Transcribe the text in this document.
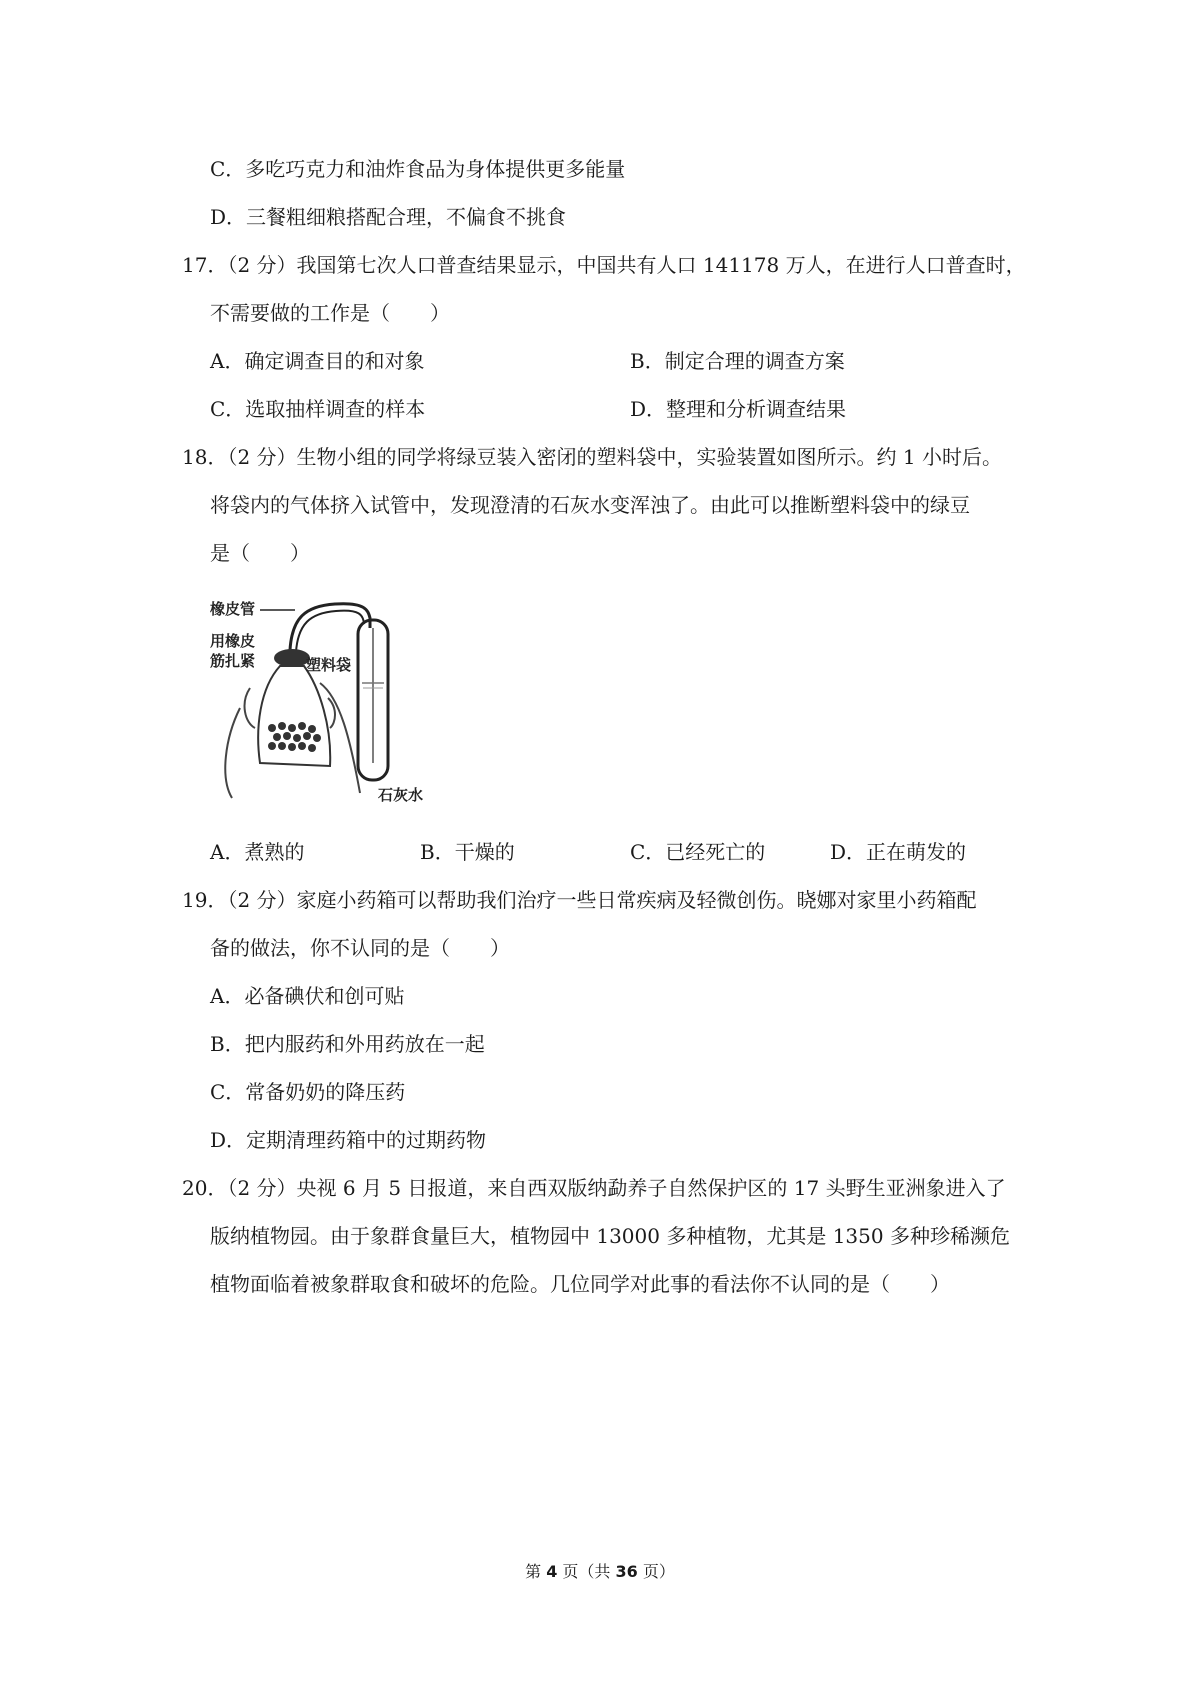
C．多吃巧克力和油炸食品为身体提供更多能量
D．三餐粗细粮搭配合理，不偏食不挑食
17．（2 分）我国第七次人口普查结果显示，中国共有人口 141178 万人，在进行人口普查时，
不需要做的工作是（　　）
A．确定调查目的和对象	B．制定合理的调查方案
C．选取抽样调查的样本	D．整理和分析调查结果
18．（2 分）生物小组的同学将绿豆装入密闭的塑料袋中，实验装置如图所示。约 1 小时后。
将袋内的气体挤入试管中，发现澄清的石灰水变浑浊了。由此可以推断塑料袋中的绿豆
是（　　）
橡皮管
用橡皮
筋扎紧	塑料袋
石灰水
A．煮熟的	B．干燥的	C．已经死亡的	D．正在萌发的
19．（2 分）家庭小药箱可以帮助我们治疗一些日常疾病及轻微创伤。晓娜对家里小药箱配
备的做法，你不认同的是（　　）
A．必备碘伏和创可贴
B．把内服药和外用药放在一起
C．常备奶奶的降压药
D．定期清理药箱中的过期药物
20．（2 分）央视 6 月 5 日报道，来自西双版纳勐养子自然保护区的 17 头野生亚洲象进入了
版纳植物园。由于象群食量巨大，植物园中 13000 多种植物，尤其是 1350 多种珍稀濒危
植物面临着被象群取食和破坏的危险。几位同学对此事的看法你不认同的是（　　）
第 4 页（共 36 页）
